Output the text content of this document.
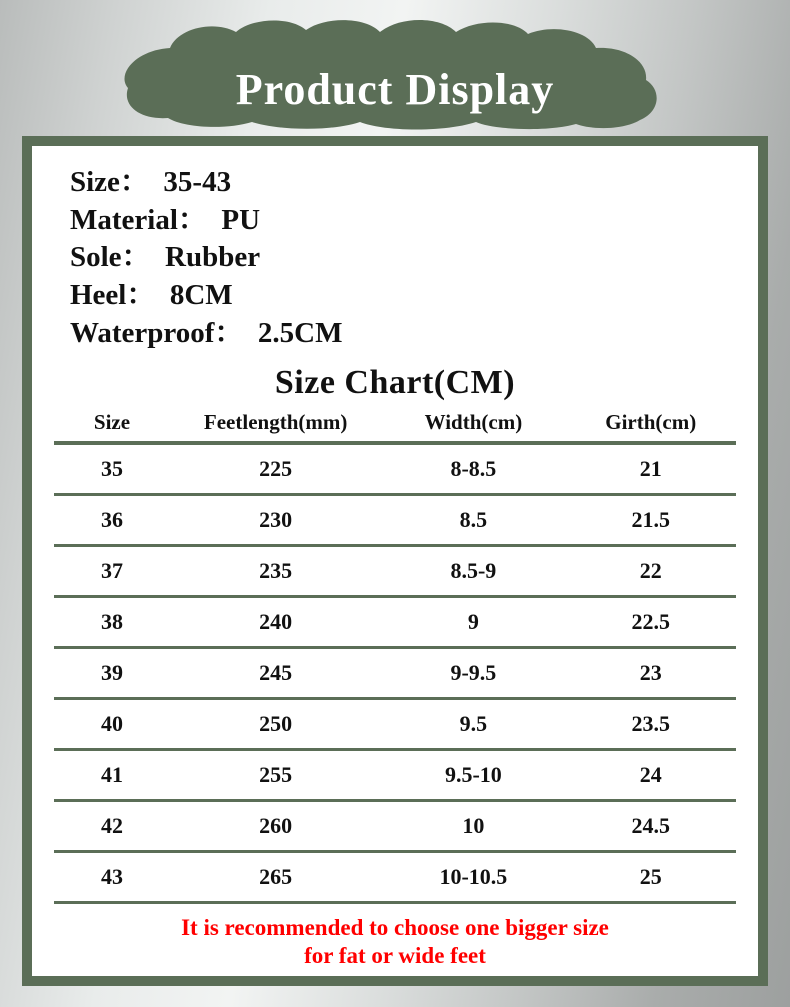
Product Display
Size：  35-43
Material：  PU
Sole：  Rubber
Heel：  8CM
Waterproof：  2.5CM
Size Chart(CM)
Size	Feetlength(mm)	Width(cm)	Girth(cm)
35	225	8-8.5	21
36	230	8.5	21.5
37	235	8.5-9	22
38	240	9	22.5
39	245	9-9.5	23
40	250	9.5	23.5
41	255	9.5-10	24
42	260	10	24.5
43	265	10-10.5	25
It is recommended to choose one bigger size
for fat or wide feet
